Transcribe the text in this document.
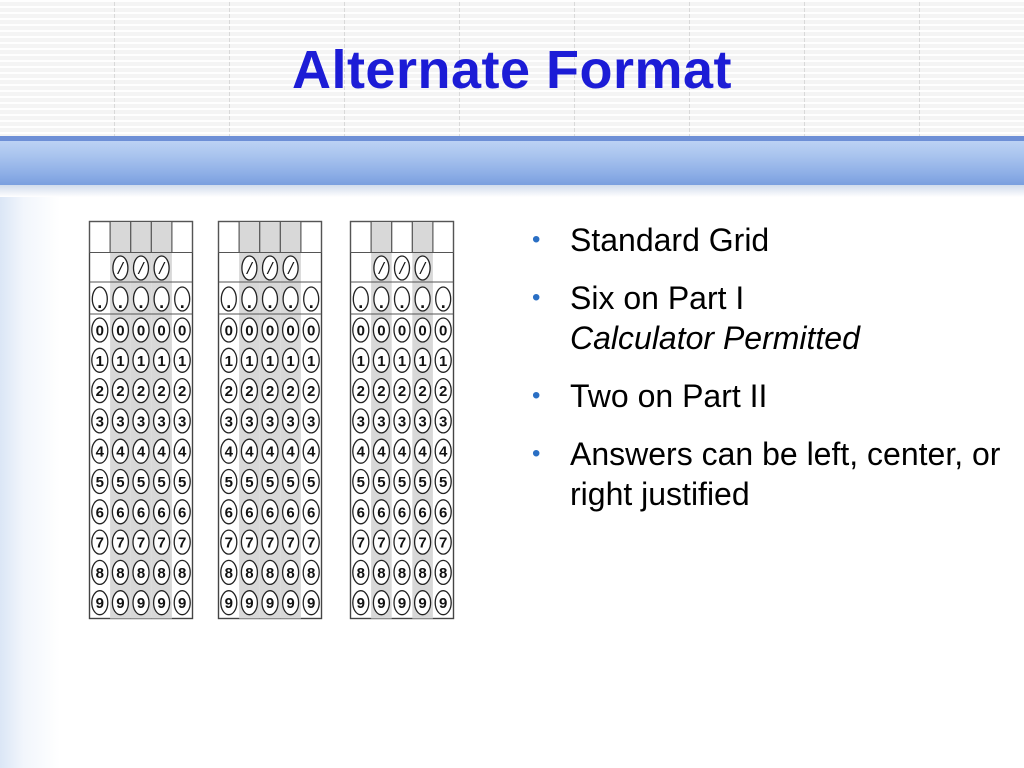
Alternate Format
/ / /
. . . . .
0 0 0 0 0
1 1 1 1 1
2 2 2 2 2
3 3 3 3 3
4 4 4 4 4
5 5 5 5 5
6 6 6 6 6
7 7 7 7 7
8 8 8 8 8
9 9 9 9 9
/ / /
. . . . .
0 0 0 0 0
1 1 1 1 1
2 2 2 2 2
3 3 3 3 3
4 4 4 4 4
5 5 5 5 5
6 6 6 6 6
7 7 7 7 7
8 8 8 8 8
9 9 9 9 9
/ / /
. . . . .
0 0 0 0 0
1 1 1 1 1
2 2 2 2 2
3 3 3 3 3
4 4 4 4 4
5 5 5 5 5
6 6 6 6 6
7 7 7 7 7
8 8 8 8 8
9 9 9 9 9
• Standard Grid
• Six on Part I
Calculator Permitted
• Two on Part II
• Answers can be left, center, or right justified
